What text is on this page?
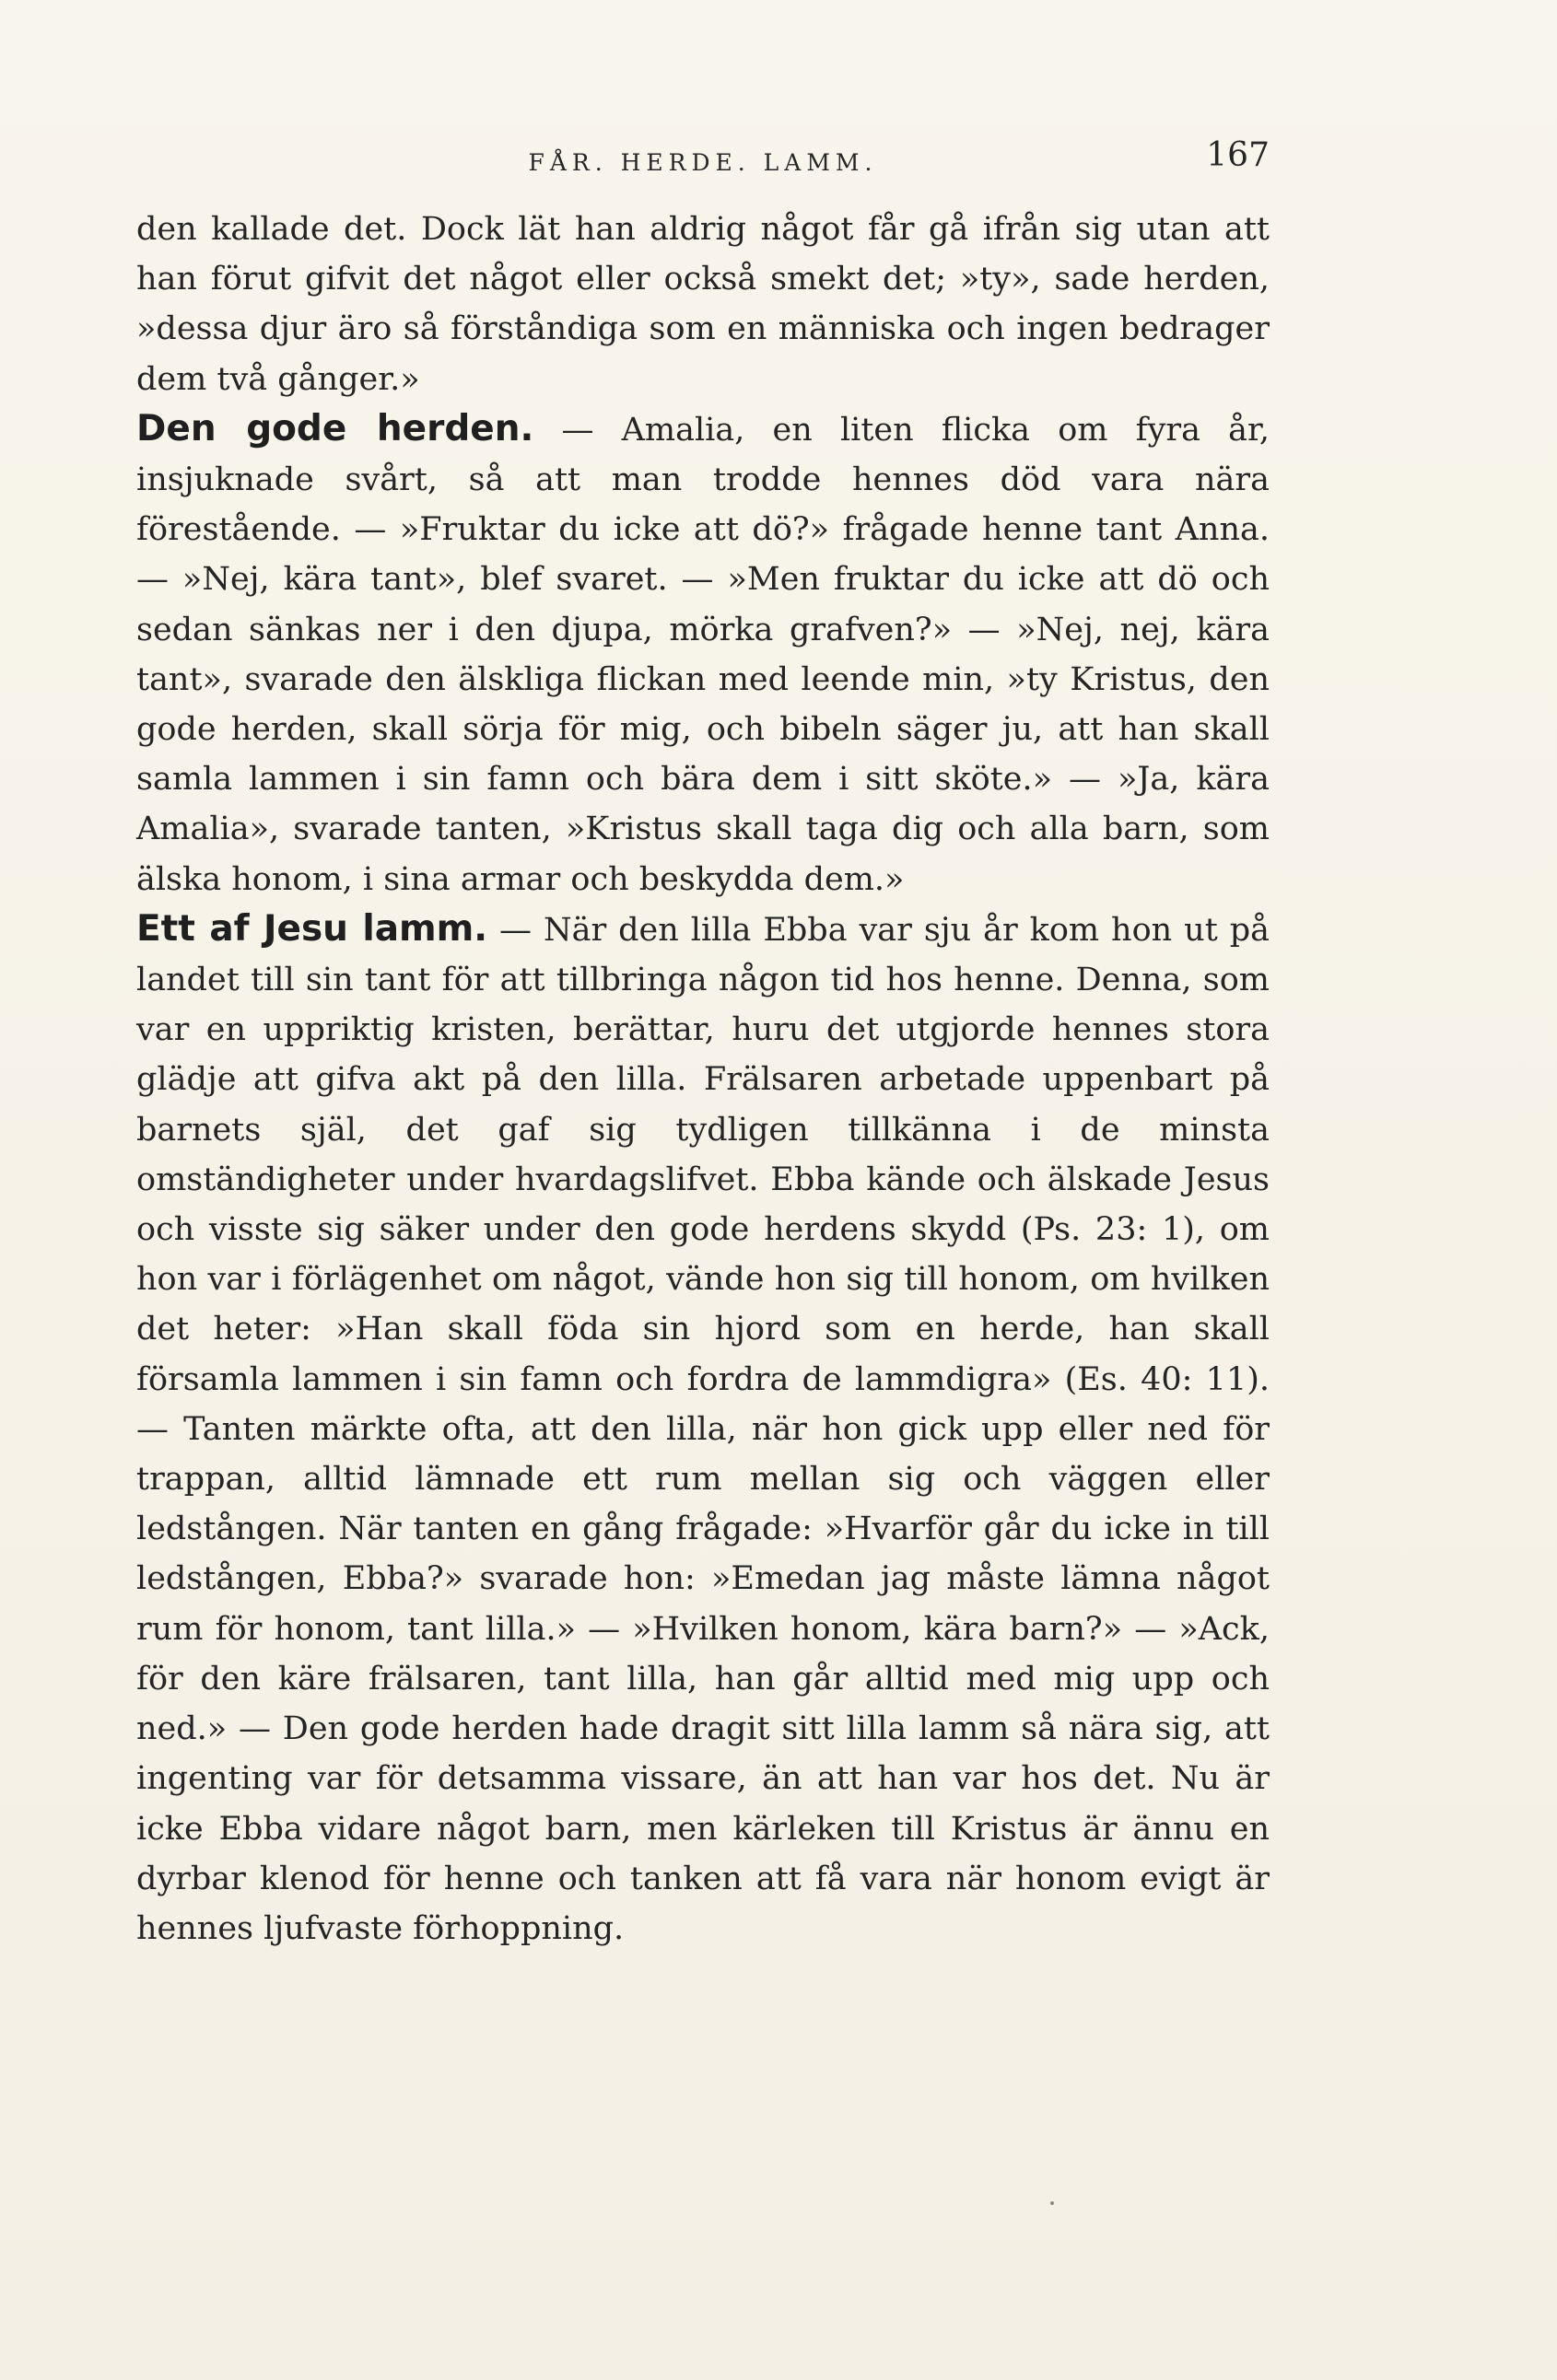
FÅR. HERDE. LAMM.	167

den kallade det. Dock lät han aldrig något får gå ifrån sig utan att han förut gifvit det något eller också smekt det; »ty», sade herden, »dessa djur äro så förståndiga som en människa och ingen bedrager dem två gånger.»

Den gode herden. — Amalia, en liten flicka om fyra år, insjuknade svårt, så att man trodde hennes död vara nära förestående. — »Fruktar du icke att dö?» frågade henne tant Anna. — »Nej, kära tant», blef svaret. — »Men fruktar du icke att dö och sedan sänkas ner i den djupa, mörka grafven?» — »Nej, nej, kära tant», svarade den älskliga flickan med leende min, »ty Kristus, den gode herden, skall sörja för mig, och bibeln säger ju, att han skall samla lammen i sin famn och bära dem i sitt sköte.» — »Ja, kära Amalia», svarade tanten, »Kristus skall taga dig och alla barn, som älska honom, i sina armar och beskydda dem.»

Ett af Jesu lamm. — När den lilla Ebba var sju år kom hon ut på landet till sin tant för att tillbringa någon tid hos henne. Denna, som var en uppriktig kristen, berättar, huru det utgjorde hennes stora glädje att gifva akt på den lilla. Frälsaren arbetade uppenbart på barnets själ, det gaf sig tydligen tillkänna i de minsta omständigheter under hvardagslifvet. Ebba kände och älskade Jesus och visste sig säker under den gode herdens skydd (Ps. 23: 1), om hon var i förlägenhet om något, vände hon sig till honom, om hvilken det heter: »Han skall föda sin hjord som en herde, han skall församla lammen i sin famn och fordra de lammdigra» (Es. 40: 11). — Tanten märkte ofta, att den lilla, när hon gick upp eller ned för trappan, alltid lämnade ett rum mellan sig och väggen eller ledstången. När tanten en gång frågade: »Hvarför går du icke in till ledstången, Ebba?» svarade hon: »Emedan jag måste lämna något rum för honom, tant lilla.» — »Hvilken honom, kära barn?» — »Ack, för den käre frälsaren, tant lilla, han går alltid med mig upp och ned.» — Den gode herden hade dragit sitt lilla lamm så nära sig, att ingenting var för detsamma vissare, än att han var hos det. Nu är icke Ebba vidare något barn, men kärleken till Kristus är ännu en dyrbar klenod för henne och tanken att få vara när honom evigt är hennes ljufvaste förhoppning.
